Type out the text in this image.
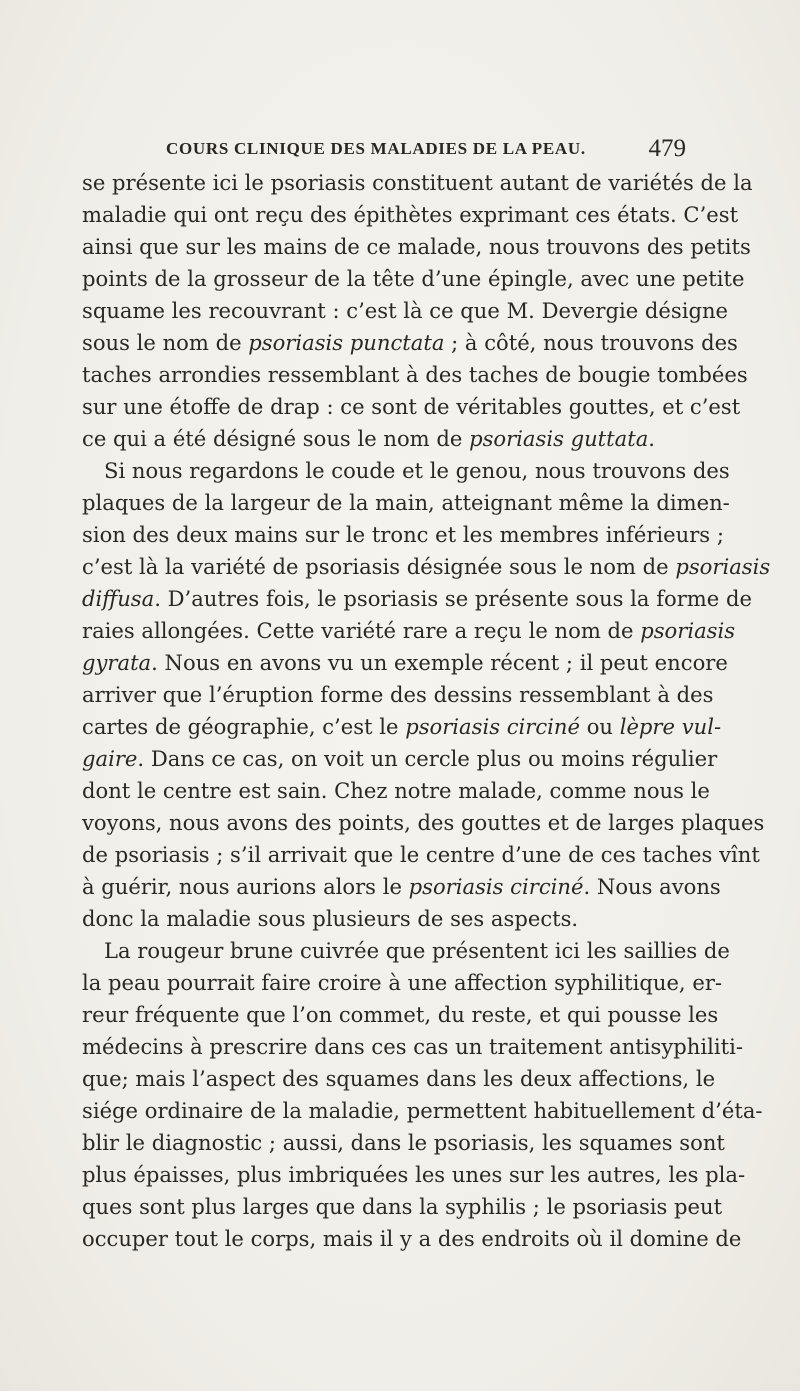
COURS CLINIQUE DES MALADIES DE LA PEAU.	479
se présente ici le psoriasis constituent autant de variétés de la
maladie qui ont reçu des épithètes exprimant ces états. C’est
ainsi que sur les mains de ce malade, nous trouvons des petits
points de la grosseur de la tête d’une épingle, avec une petite
squame les recouvrant : c’est là ce que M. Devergie désigne
sous le nom de psoriasis punctata ; à côté, nous trouvons des
taches arrondies ressemblant à des taches de bougie tombées
sur une étoffe de drap : ce sont de véritables gouttes, et c’est
ce qui a été désigné sous le nom de psoriasis guttata.
Si nous regardons le coude et le genou, nous trouvons des
plaques de la largeur de la main, atteignant même la dimen-
sion des deux mains sur le tronc et les membres inférieurs ;
c’est là la variété de psoriasis désignée sous le nom de psoriasis
diffusa. D’autres fois, le psoriasis se présente sous la forme de
raies allongées. Cette variété rare a reçu le nom de psoriasis
gyrata. Nous en avons vu un exemple récent ; il peut encore
arriver que l’éruption forme des dessins ressemblant à des
cartes de géographie, c’est le psoriasis circiné ou lèpre vul-
gaire. Dans ce cas, on voit un cercle plus ou moins régulier
dont le centre est sain. Chez notre malade, comme nous le
voyons, nous avons des points, des gouttes et de larges plaques
de psoriasis ; s’il arrivait que le centre d’une de ces taches vînt
à guérir, nous aurions alors le psoriasis circiné. Nous avons
donc la maladie sous plusieurs de ses aspects.
La rougeur brune cuivrée que présentent ici les saillies de
la peau pourrait faire croire à une affection syphilitique, er-
reur fréquente que l’on commet, du reste, et qui pousse les
médecins à prescrire dans ces cas un traitement antisyphiliti-
que; mais l’aspect des squames dans les deux affections, le
siége ordinaire de la maladie, permettent habituellement d’éta-
blir le diagnostic ; aussi, dans le psoriasis, les squames sont
plus épaisses, plus imbriquées les unes sur les autres, les pla-
ques sont plus larges que dans la syphilis ; le psoriasis peut
occuper tout le corps, mais il y a des endroits où il domine de
